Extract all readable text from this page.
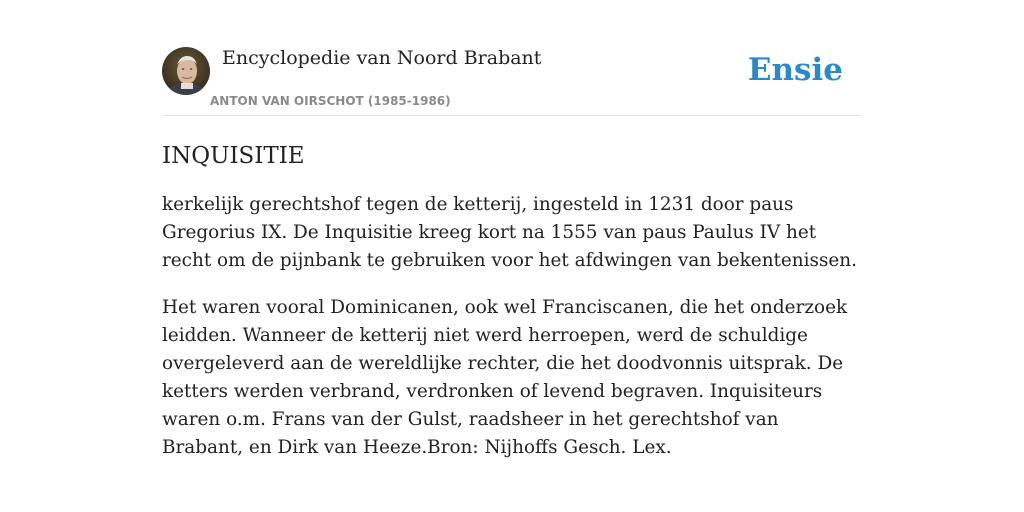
Encyclopedie van Noord Brabant
ANTON VAN OIRSCHOT (1985-1986)
Ensie
INQUISITIE

kerkelijk gerechtshof tegen de ketterij, ingesteld in 1231 door paus Gregorius IX. De Inquisitie kreeg kort na 1555 van paus Paulus IV het recht om de pijnbank te gebruiken voor het afdwingen van bekentenissen.

Het waren vooral Dominicanen, ook wel Franciscanen, die het onderzoek leidden. Wanneer de ketterij niet werd herroepen, werd de schuldige overgeleverd aan de wereldlijke rechter, die het doodvonnis uitsprak. De ketters werden verbrand, verdronken of levend begraven. Inquisiteurs waren o.m. Frans van der Gulst, raadsheer in het gerechtshof van Brabant, en Dirk van Heeze.Bron: Nijhoffs Gesch. Lex.
